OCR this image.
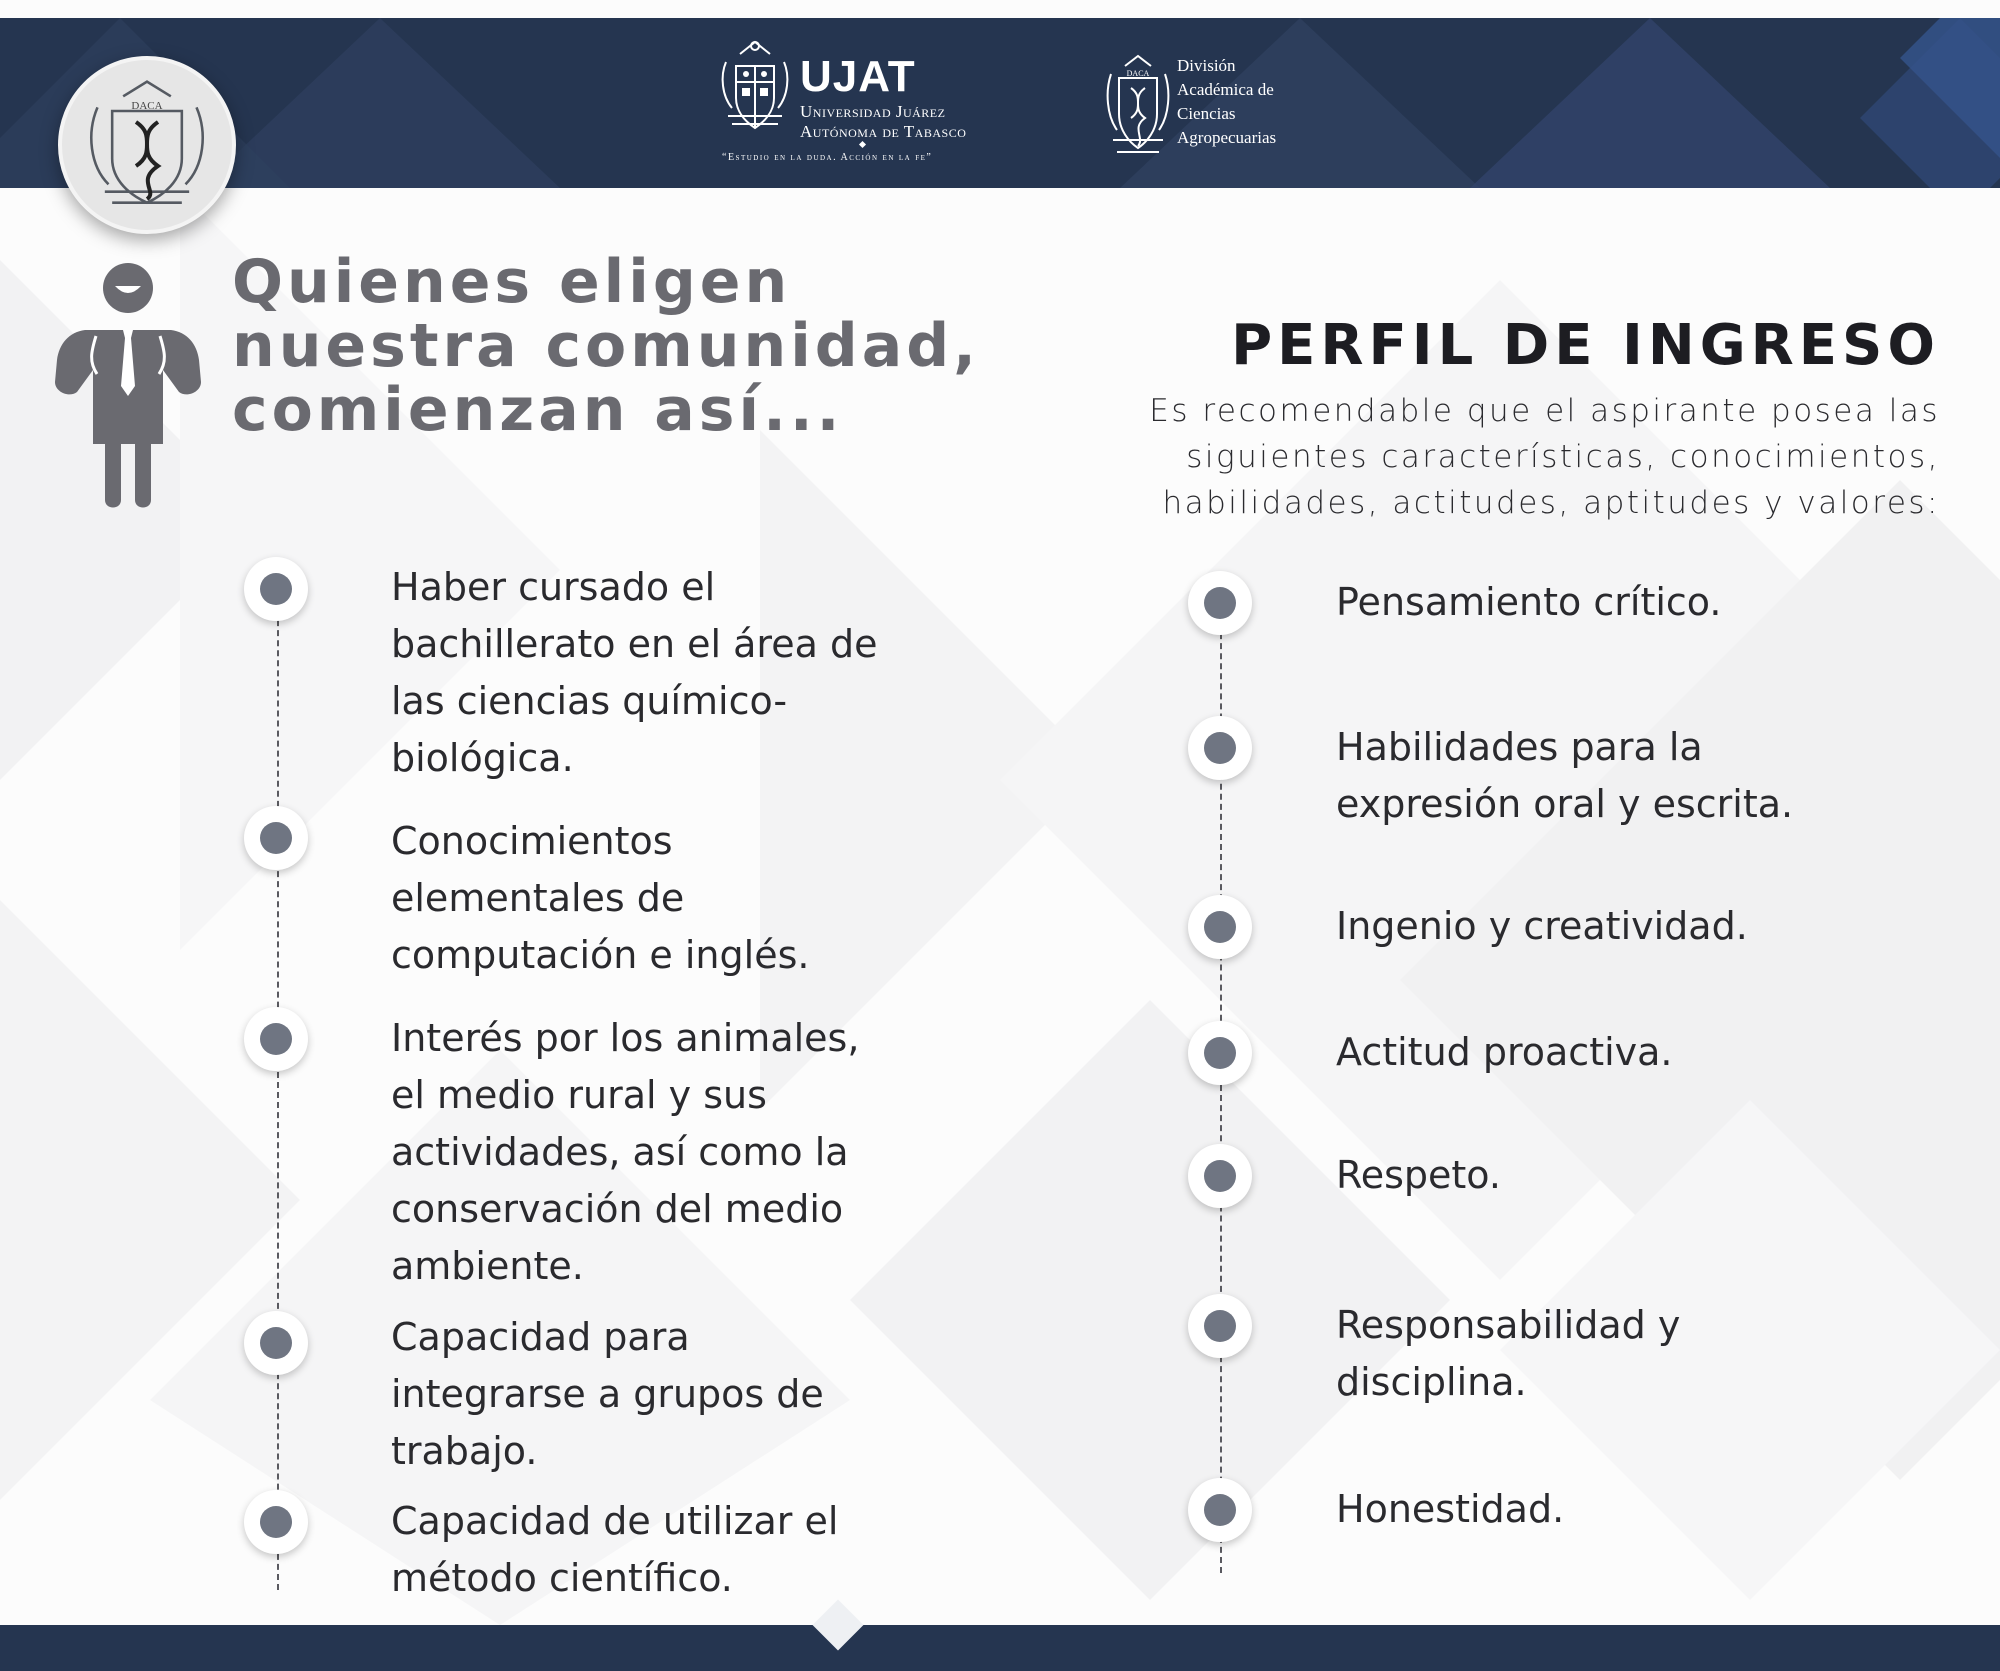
UJAT
Universidad Juárez
Autónoma de Tabasco
“Estudio en la duda. Acción en la fe”
DACA División
Académica de
Ciencias
Agropecuarias
DACA
Quienes eligen
nuestra comunidad,
comienzan así...
PERFIL DE INGRESO

Es recomendable que el aspirante posea las
siguientes características, conocimientos,
habilidades, actitudes, aptitudes y valores:

Haber cursado el
bachillerato en el área de
las ciencias químico-
biológica.
Conocimientos
elementales de
computación e inglés.
Interés por los animales,
el medio rural y sus
actividades, así como la
conservación del medio
ambiente.
Capacidad para
integrarse a grupos de
trabajo.
Capacidad de utilizar el
método científico.
Pensamiento crítico.
Habilidades para la
expresión oral y escrita.
Ingenio y creatividad.
Actitud proactiva.
Respeto.
Responsabilidad y
disciplina.
Honestidad.
